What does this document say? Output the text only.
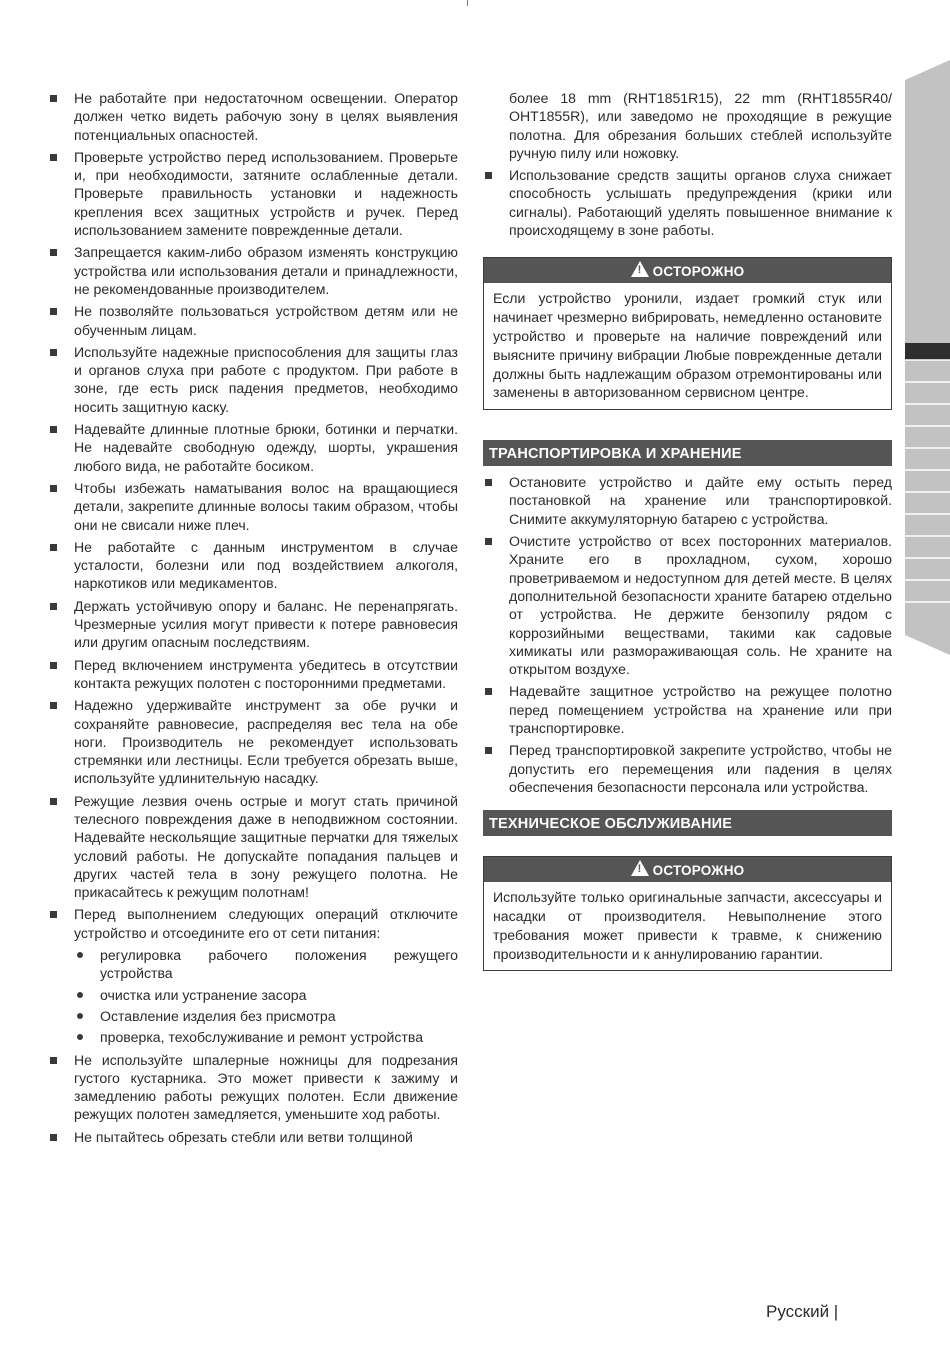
Не работайте при недостаточном освещении. Оператор должен четко видеть рабочую зону в целях выявления потенциальных опасностей.
Проверьте устройство перед использованием. Проверьте и, при необходимости, затяните ослабленные детали. Проверьте правильность установки и надежность крепления всех защитных устройств и ручек. Перед использованием замените поврежденные детали.
Запрещается каким-либо образом изменять конструкцию устройства или использования детали и принадлежности, не рекомендованные производителем.
Не позволяйте пользоваться устройством детям или не обученным лицам.
Используйте надежные приспособления для защиты глаз и органов слуха при работе с продуктом. При работе в зоне, где есть риск падения предметов, необходимо носить защитную каску.
Надевайте длинные плотные брюки, ботинки и перчатки. Не надевайте свободную одежду, шорты, украшения любого вида, не работайте босиком.
Чтобы избежать наматывания волос на вращающиеся детали, закрепите длинные волосы таким образом, чтобы они не свисали ниже плеч.
Не работайте с данным инструментом в случае усталости, болезни или под воздействием алкоголя, наркотиков или медикаментов.
Держать устойчивую опору и баланс. Не перенапрягать. Чрезмерные усилия могут привести к потере равновесия или другим опасным последствиям.
Перед включением инструмента убедитесь в отсутствии контакта режущих полотен с посторонними предметами.
Надежно удерживайте инструмент за обе ручки и сохраняйте равновесие, распределяя вес тела на обе ноги. Производитель не рекомендует использовать стремянки или лестницы. Если требуется обрезать выше, используйте удлинительную насадку.
Режущие лезвия очень острые и могут стать причиной телесного повреждения даже в неподвижном состоянии. Надевайте нескольящие защитные перчатки для тяжелых условий работы. Не допускайте попадания пальцев и других частей тела в зону режущего полотна. Не прикасайтесь к режущим полотнам!
Перед выполнением следующих операций отключите устройство и отсоедините его от сети питания:
регулировка рабочего положения режущего устройства
очистка или устранение засора
Оставление изделия без присмотра
проверка, техобслуживание и ремонт устройства
Не используйте шпалерные ножницы для подрезания густого кустарника. Это может привести к зажиму и замедлению работы режущих полотен. Если движение режущих полотен замедляется, уменьшите ход работы.
Не пытайтесь обрезать стебли или ветви толщиной
более 18 mm (RHT1851R15), 22 mm (RHT1855R40/ OHT1855R), или заведомо не проходящие в режущие полотна. Для обрезания больших стеблей используйте ручную пилу или ножовку.
Использование средств защиты органов слуха снижает способность услышать предупреждения (крики или сигналы). Работающий уделять повышенное внимание к происходящему в зоне работы.
! ОСТОРОЖНО
Если устройство уронили, издает громкий стук или начинает чрезмерно вибрировать, немедленно остановите устройство и проверьте на наличие повреждений или выясните причину вибрации Любые поврежденные детали должны быть надлежащим образом отремонтированы или заменены в авторизованном сервисном центре.
ТРАНСПОРТИРОВКА И ХРАНЕНИЕ
Остановите устройство и дайте ему остыть перед постановкой на хранение или транспортировкой. Снимите аккумуляторную батарею с устройства.
Очистите устройство от всех посторонних материалов. Храните его в прохладном, сухом, хорошо проветриваемом и недоступном для детей месте. В целях дополнительной безопасности храните батарею отдельно от устройства. Не держите бензопилу рядом с коррозийными веществами, такими как садовые химикаты или размораживающая соль. Не храните на открытом воздухе.
Надевайте защитное устройство на режущее полотно перед помещением устройства на хранение или при транспортировке.
Перед транспортировкой закрепите устройство, чтобы не допустить его перемещения или падения в целях обеспечения безопасности персонала или устройства.
ТЕХНИЧЕСКОЕ ОБСЛУЖИВАНИЕ
! ОСТОРОЖНО
Используйте только оригинальные запчасти, аксессуары и насадки от производителя. Невыполнение этого требования может привести к травме, к снижению производительности и к аннулированию гарантии.
Русский |
